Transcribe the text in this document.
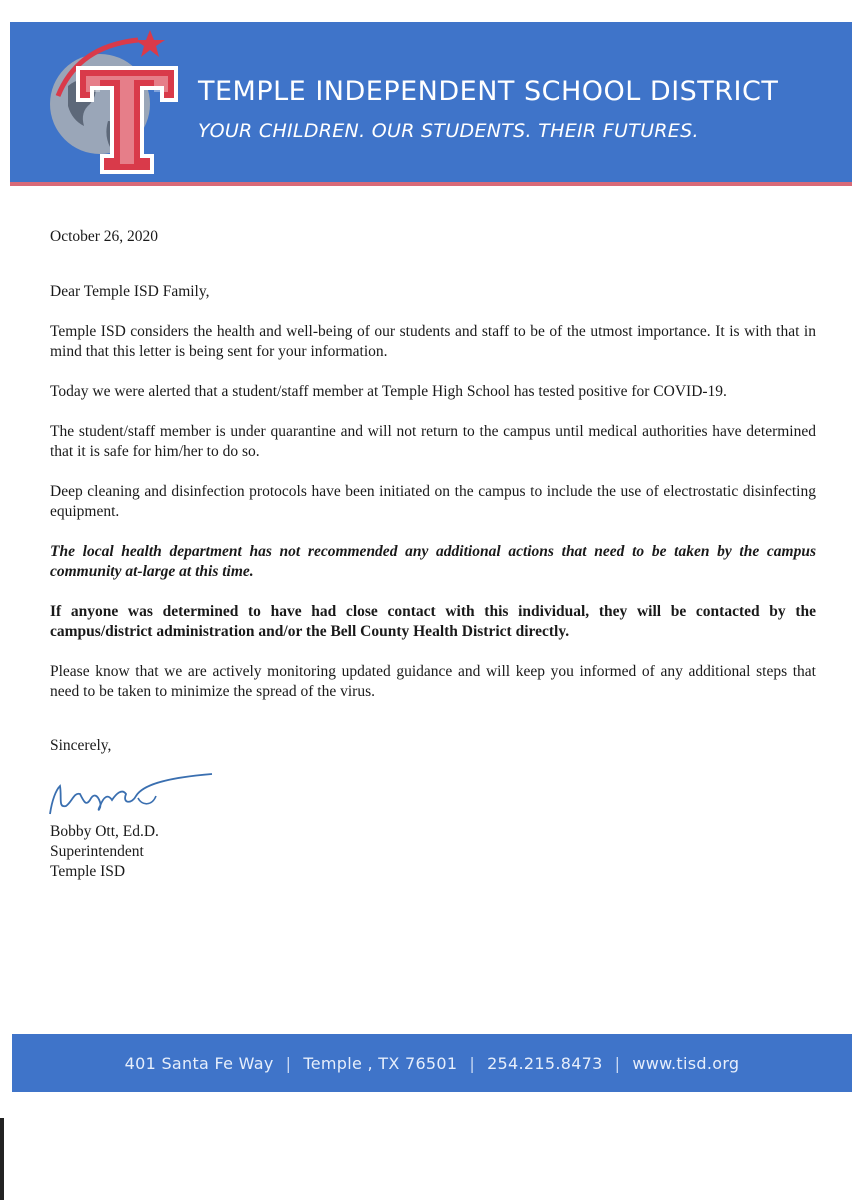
TEMPLE INDEPENDENT SCHOOL DISTRICT
YOUR CHILDREN. OUR STUDENTS. THEIR FUTURES.

October 26, 2020

Dear Temple ISD Family,

Temple ISD considers the health and well-being of our students and staff to be of the utmost importance. It is with that in mind that this letter is being sent for your information.

Today we were alerted that a student/staff member at Temple High School has tested positive for COVID-19.

The student/staff member is under quarantine and will not return to the campus until medical authorities have determined that it is safe for him/her to do so.

Deep cleaning and disinfection protocols have been initiated on the campus to include the use of electrostatic disinfecting equipment.

The local health department has not recommended any additional actions that need to be taken by the campus community at-large at this time.

If anyone was determined to have had close contact with this individual, they will be contacted by the campus/district administration and/or the Bell County Health District directly.

Please know that we are actively monitoring updated guidance and will keep you informed of any additional steps that need to be taken to minimize the spread of the virus.

Sincerely,
Bobby Ott, Ed.D.
Superintendent
Temple ISD
401 Santa Fe Way | Temple , TX 76501 | 254.215.8473 | www.tisd.org
